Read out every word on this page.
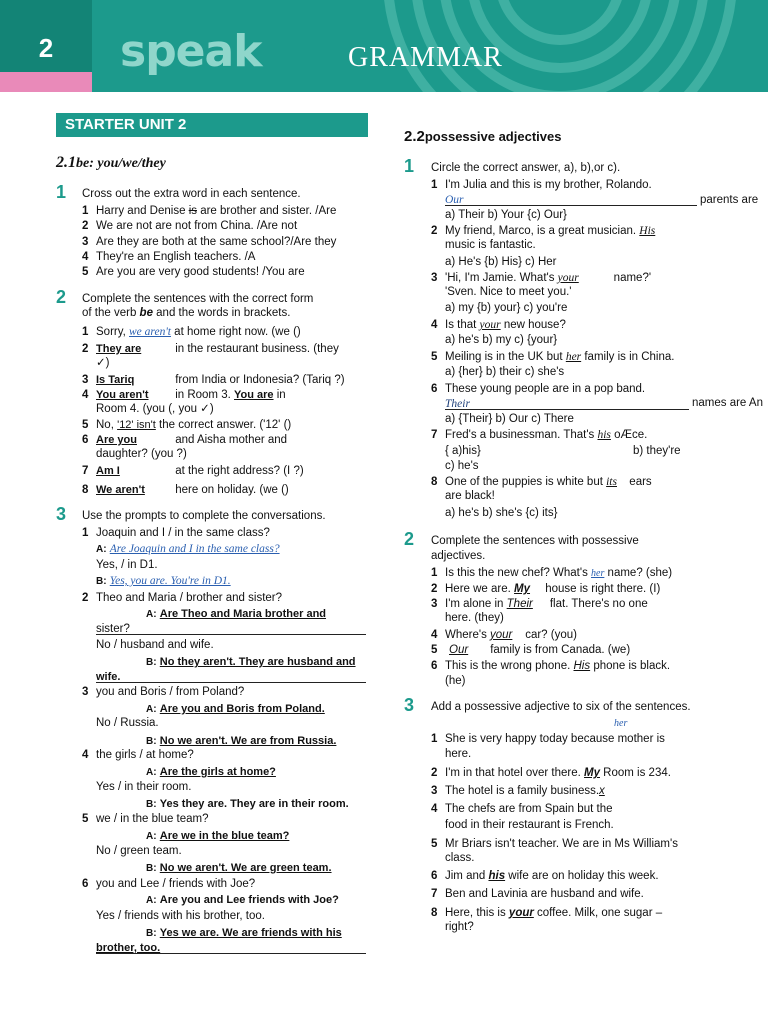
2	speak	GRAMMAR
STARTER UNIT 2
2.1be: you/we/they
1 Cross out the extra word in each sentence.
1 Harry and Denise is are brother and sister. /Are
2 We are not are not from China. /Are not
3 Are they are both at the same school?/Are they
4 They're an English teachers. /A
5 Are you are very good students! /You are
2 Complete the sentences with the correct form
of the verb be and the words in brackets.
1 Sorry, we aren't at home right now. (we ()
2 They are	in the restaurant business. (they
✓)
3 Is Tariq	from India or Indonesia? (Tariq ?)
4 You aren't in Room 3. You are in
Room 4. (you (, you ✓)
5 No, '12' isn't the correct answer. ('12' ()
6 Are you	and Aisha mother and
daughter? (you ?)
7 Am I	at the right address? (I ?)
8 We aren't here on holiday. (we ()
3 Use the prompts to complete the conversations.
1 Joaquin and I / in the same class?
A: Are Joaquin and I in the same class?
Yes, / in D1.
B: Yes, you are. You're in D1.
2 Theo and Maria / brother and sister?
A: Are Theo and Maria brother and
sister?
No / husband and wife.
B: No they aren't. They are husband and
wife.
3 you and Boris / from Poland?
A: Are you and Boris from Poland.
No / Russia.
B: No we aren't. We are from Russia.
4 the girls / at home?
A: Are the girls at home?
Yes / in their room.
B: Yes they are. They are in their room.
5 we / in the blue team?
A: Are we in the blue team?
No / green team.
B: No we aren't. We are green team.
6 you and Lee / friends with Joe?
A: Are you and Lee friends with Joe?
Yes / friends with his brother, too.
B: Yes we are. We are friends with his
brother, too.
2.2possessive adjectives
1 Circle the correct answer, a), b),or c).
1 I'm Julia and this is my brother, Rolando.
Our	parents are
a) Their b) Your {c) Our}
2 My friend, Marco, is a great musician. His
music is fantastic.
a) He's {b) His} c) Her
3 'Hi, I'm Jamie. What's your	name?'
'Sven. Nice to meet you.'
a) my {b) your} c) you're
4 Is that your new house?
a) he's b) my c) {your}
5 Meiling is in the UK but her family is in China.
a) {her} b) their c) she's
6 These young people are in a pop band.
Their	names are An
a) {Their} b) Our c) There
7 Fred's a businessman. That's his oÆce.
{ a)his}	b) they're
c) he's
8 One of the puppies is white but its ears
are black!
a) he's b) she's {c) its}
2 Complete the sentences with possessive
adjectives.
1 Is this the new chef? What's her name? (she)
2 Here we are. My house is right there. (I)
3 I'm alone in Their flat. There's no one
here. (they)
4 Where's your car? (you)
5	Our family is from Canada. (we)
6 This is the wrong phone. His phone is black.
(he)
3 Add a possessive adjective to six of the sentences.
her
1 She is very happy today because mother is
here.
2 I'm in that hotel over there. My Room is 234.
3 The hotel is a family business.x
4 The chefs are from Spain but the
food in their restaurant is French.
5 Mr Briars isn't teacher. We are in Ms William's
class.
6 Jim and his wife are on holiday this week.
7 Ben and Lavinia are husband and wife.
8 Here, this is your coffee. Milk, one sugar –
right?
